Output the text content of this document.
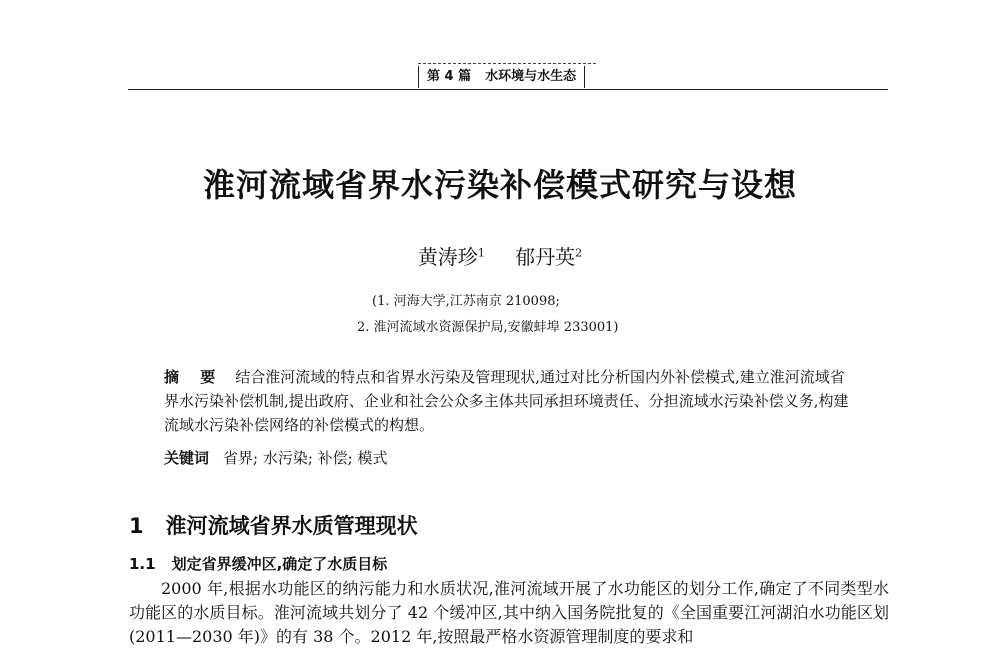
第 4 篇 水环境与水生态
淮河流域省界水污染补偿模式研究与设想
黄涛珍$^1$ 郁丹英$^2$
(1. 河海大学,江苏南京 210098;
2. 淮河流域水资源保护局,安徽蚌埠 233001)
摘 要 结合淮河流域的特点和省界水污染及管理现状,通过对比分析国内外补偿模式,建立淮河流域省界水污染补偿机制,提出政府、企业和社会公众多主体共同承担环境责任、分担流域水污染补偿义务,构建流域水污染补偿网络的补偿模式的构想。
关键词 省界; 水污染; 补偿; 模式
1 淮河流域省界水质管理现状
1.1 划定省界缓冲区,确定了水质目标
2000 年,根据水功能区的纳污能力和水质状况,淮河流域开展了水功能区的划分工作,确定了不同类型水功能区的水质目标。淮河流域共划分了 42 个缓冲区,其中纳入国务院批复的《全国重要江河湖泊水功能区划(2011—2030 年)》的有 38 个。2012 年,按照最严格水资源管理制度的要求和
